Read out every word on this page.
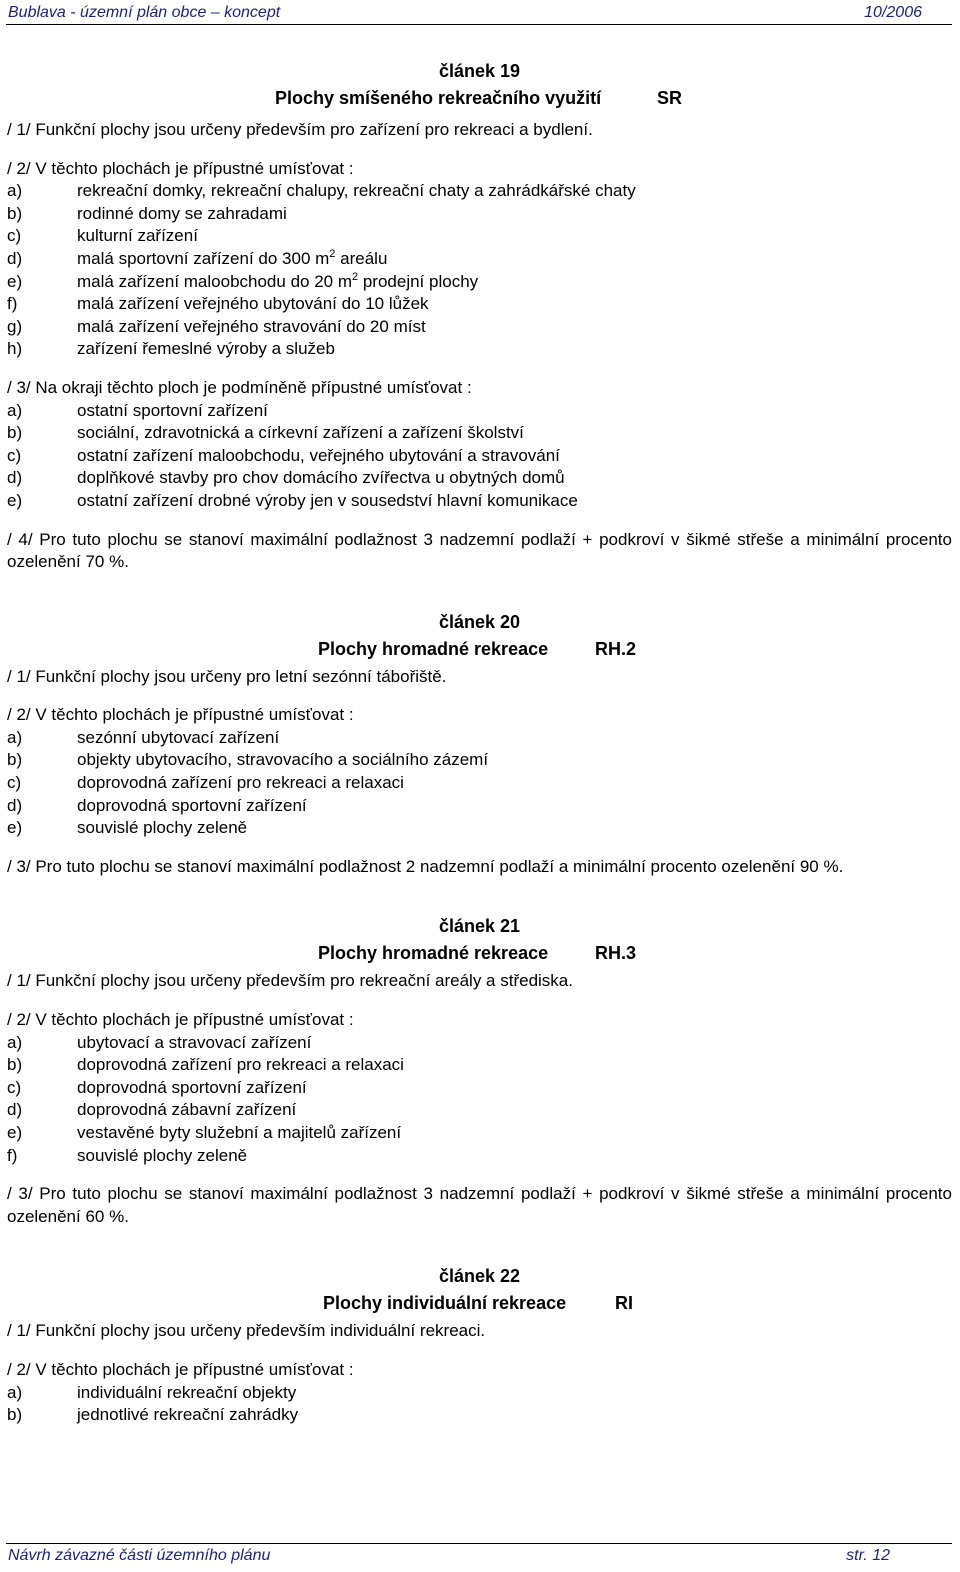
Bublava - územní plán obce – koncept	10/2006
článek 19
Plochy smíšeného rekreačního využití	SR

/ 1/ Funkční plochy jsou určeny především pro zařízení pro rekreaci a bydlení.

/ 2/ V těchto plochách je přípustné umísťovat :

a)	rekreační domky, rekreační chalupy, rekreační chaty a zahrádkářské chaty
b)	rodinné domy se zahradami
c)	kulturní zařízení
d)	malá sportovní zařízení do 300 $m^2$ areálu
e)	malá zařízení maloobchodu do 20 $m^2$ prodejní plochy
f)	malá zařízení veřejného ubytování do 10 lůžek
g)	malá zařízení veřejného stravování do 20 míst
h)	zařízení řemeslné výroby a služeb

/ 3/ Na okraji těchto ploch je podmíněně přípustné umísťovat :

a)	ostatní sportovní zařízení
b)	sociální, zdravotnická a církevní zařízení a zařízení školství
c)	ostatní zařízení maloobchodu, veřejného ubytování a stravování
d)	doplňkové stavby pro chov domácího zvířectva u obytných domů
e)	ostatní zařízení drobné výroby jen v sousedství hlavní komunikace

/ 4/ Pro tuto plochu se stanoví maximální podlažnost 3 nadzemní podlaží + podkroví v šikmé střeše a minimální procento ozelenění 70 %.

článek 20
Plochy hromadné rekreace	RH.2

/ 1/ Funkční plochy jsou určeny pro letní sezónní tábořiště.

/ 2/ V těchto plochách je přípustné umísťovat :

a)	sezónní ubytovací zařízení
b)	objekty ubytovacího, stravovacího a sociálního zázemí
c)	doprovodná zařízení pro rekreaci a relaxaci
d)	doprovodná sportovní zařízení
e)	souvislé plochy zeleně

/ 3/ Pro tuto plochu se stanoví maximální podlažnost 2 nadzemní podlaží a minimální procento ozelenění 90 %.

článek 21
Plochy hromadné rekreace	RH.3

/ 1/ Funkční plochy jsou určeny především pro rekreační areály a střediska.

/ 2/ V těchto plochách je přípustné umísťovat :

a)	ubytovací a stravovací zařízení
b)	doprovodná zařízení pro rekreaci a relaxaci
c)	doprovodná sportovní zařízení
d)	doprovodná zábavní zařízení
e)	vestavěné byty služební a majitelů zařízení
f)	souvislé plochy zeleně

/ 3/ Pro tuto plochu se stanoví maximální podlažnost 3 nadzemní podlaží + podkroví v šikmé střeše a minimální procento ozelenění 60 %.

článek 22
Plochy individuální rekreace	RI

/ 1/ Funkční plochy jsou určeny především individuální rekreaci.

/ 2/ V těchto plochách je přípustné umísťovat :

a)	individuální rekreační objekty
b)	jednotlivé rekreační zahrádky
Návrh závazné části územního plánu	str. 12
